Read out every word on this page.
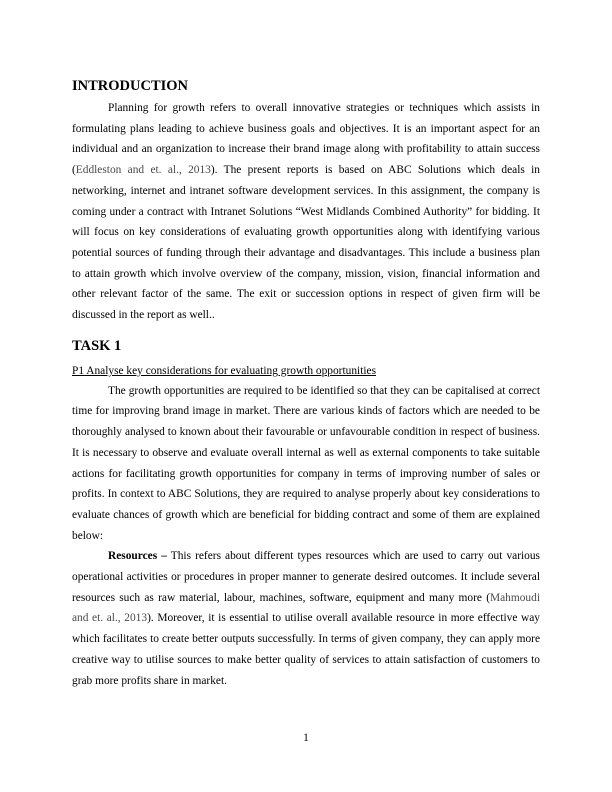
INTRODUCTION

Planning for growth refers to overall innovative strategies or techniques which assists in formulating plans leading to achieve business goals and objectives. It is an important aspect for an individual and an organization to increase their brand image along with profitability to attain success (Eddleston and et. al., 2013). The present reports is based on ABC Solutions which deals in networking, internet and intranet software development services. In this assignment, the company is coming under a contract with Intranet Solutions “West Midlands Combined Authority” for bidding. It will focus on key considerations of evaluating growth opportunities along with identifying various potential sources of funding through their advantage and disadvantages. This include a business plan to attain growth which involve overview of the company, mission, vision, financial information and other relevant factor of the same. The exit or succession options in respect of given firm will be discussed in the report as well..

TASK 1
P1 Analyse key considerations for evaluating growth opportunities

The growth opportunities are required to be identified so that they can be capitalised at correct time for improving brand image in market. There are various kinds of factors which are needed to be thoroughly analysed to known about their favourable or unfavourable condition in respect of business. It is necessary to observe and evaluate overall internal as well as external components to take suitable actions for facilitating growth opportunities for company in terms of improving number of sales or profits. In context to ABC Solutions, they are required to analyse properly about key considerations to evaluate chances of growth which are beneficial for bidding contract and some of them are explained below:

Resources – This refers about different types resources which are used to carry out various operational activities or procedures in proper manner to generate desired outcomes. It include several resources such as raw material, labour, machines, software, equipment and many more (Mahmoudi and et. al., 2013). Moreover, it is essential to utilise overall available resource in more effective way which facilitates to create better outputs successfully. In terms of given company, they can apply more creative way to utilise sources to make better quality of services to attain satisfaction of customers to grab more profits share in market.

1
